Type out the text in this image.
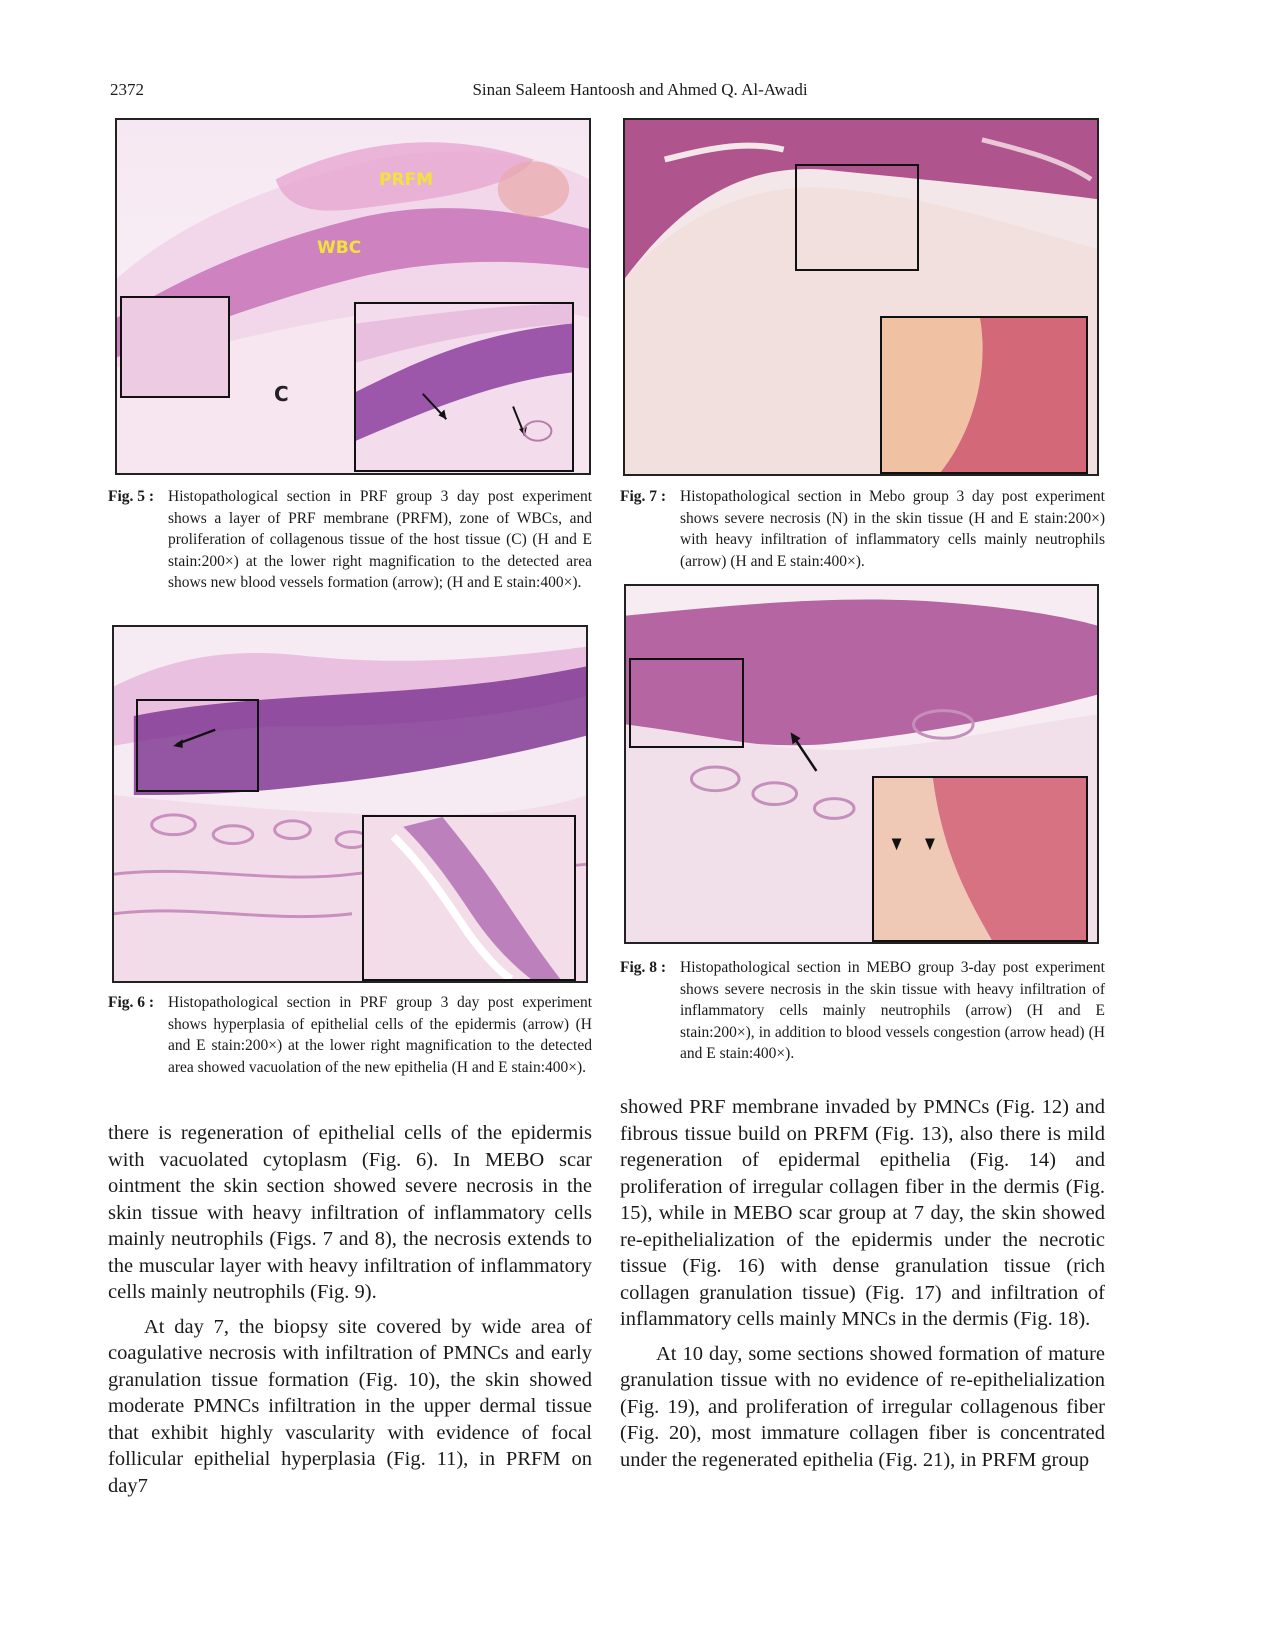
2372	Sinan Saleem Hantoosh and Ahmed Q. Al-Awadi
PRFM
WBC
C
Fig. 5 : Histopathological section in PRF group 3 day post experiment shows a layer of PRF membrane (PRFM), zone of WBCs, and proliferation of collagenous tissue of the host tissue (C) (H and E stain:200×) at the lower right magnification to the detected area shows new blood vessels formation (arrow); (H and E stain:400×).
Fig. 6 : Histopathological section in PRF group 3 day post experiment shows hyperplasia of epithelial cells of the epidermis (arrow) (H and E stain:200×) at the lower right magnification to the detected area showed vacuolation of the new epithelia (H and E stain:400×).
Fig. 7 : Histopathological section in Mebo group 3 day post experiment shows severe necrosis (N) in the skin tissue (H and E stain:200×) with heavy infiltration of inflammatory cells mainly neutrophils (arrow) (H and E stain:400×).
Fig. 8 : Histopathological section in MEBO group 3-day post experiment shows severe necrosis in the skin tissue with heavy infiltration of inflammatory cells mainly neutrophils (arrow) (H and E stain:200×), in addition to blood vessels congestion (arrow head) (H and E stain:400×).

there is regeneration of epithelial cells of the epidermis with vacuolated cytoplasm (Fig. 6). In MEBO scar ointment the skin section showed severe necrosis in the skin tissue with heavy infiltration of inflammatory cells mainly neutrophils (Figs. 7 and 8), the necrosis extends to the muscular layer with heavy infiltration of inflammatory cells mainly neutrophils (Fig. 9).

At day 7, the biopsy site covered by wide area of coagulative necrosis with infiltration of PMNCs and early granulation tissue formation (Fig. 10), the skin showed moderate PMNCs infiltration in the upper dermal tissue that exhibit highly vascularity with evidence of focal follicular epithelial hyperplasia (Fig. 11), in PRFM on day7

showed PRF membrane invaded by PMNCs (Fig. 12) and fibrous tissue build on PRFM (Fig. 13), also there is mild regeneration of epidermal epithelia (Fig. 14) and proliferation of irregular collagen fiber in the dermis (Fig. 15), while in MEBO scar group at 7 day, the skin showed re-epithelialization of the epidermis under the necrotic tissue (Fig. 16) with dense granulation tissue (rich collagen granulation tissue) (Fig. 17) and infiltration of inflammatory cells mainly MNCs in the dermis (Fig. 18).

At 10 day, some sections showed formation of mature granulation tissue with no evidence of re-epithelialization (Fig. 19), and proliferation of irregular collagenous fiber (Fig. 20), most immature collagen fiber is concentrated under the regenerated epithelia (Fig. 21), in PRFM group
